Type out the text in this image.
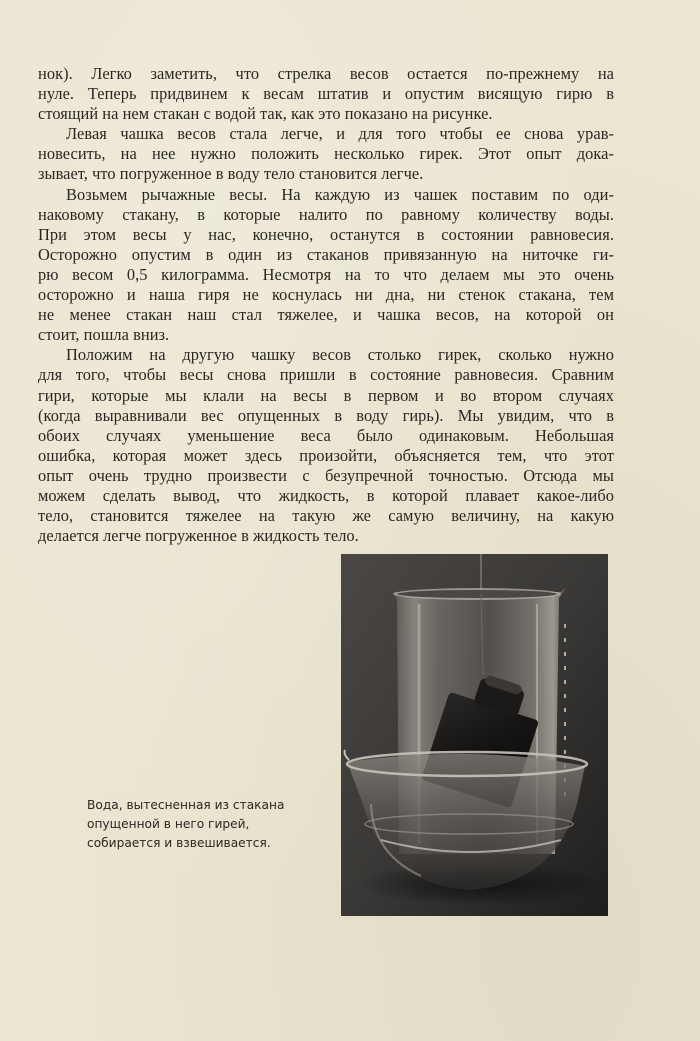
нок). Легко заметить, что стрелка весов остается по-прежнему на
нуле. Теперь придвинем к весам штатив и опустим висящую гирю в
стоящий на нем стакан с водой так, как это показано на рисунке.
Левая чашка весов стала легче, и для того чтобы ее снова урав-
новесить, на нее нужно положить несколько гирек. Этот опыт дока-
зывает, что погруженное в воду тело становится легче.
Возьмем рычажные весы. На каждую из чашек поставим по оди-
наковому стакану, в которые налито по равному количеству воды.
При этом весы у нас, конечно, останутся в состоянии равновесия.
Осторожно опустим в один из стаканов привязанную на ниточке ги-
рю весом 0,5 килограмма. Несмотря на то что делаем мы это очень
осторожно и наша гиря не коснулась ни дна, ни стенок стакана, тем
не менее стакан наш стал тяжелее, и чашка весов, на которой он
стоит, пошла вниз.
Положим на другую чашку весов столько гирек, сколько нужно
для того, чтобы весы снова пришли в состояние равновесия. Сравним
гири, которые мы клали на весы в первом и во втором случаях
(когда выравнивали вес опущенных в воду гирь). Мы увидим, что в
обоих случаях уменьшение веса было одинаковым. Небольшая
ошибка, которая может здесь произойти, объясняется тем, что этот
опыт очень трудно произвести с безупречной точностью. Отсюда мы
можем сделать вывод, что жидкость, в которой плавает какое-либо
тело, становится тяжелее на такую же самую величину, на какую
делается легче погруженное в жидкость тело.
Вода, вытесненная из стакана
опущенной в него гирей,
собирается и взвешивается.
